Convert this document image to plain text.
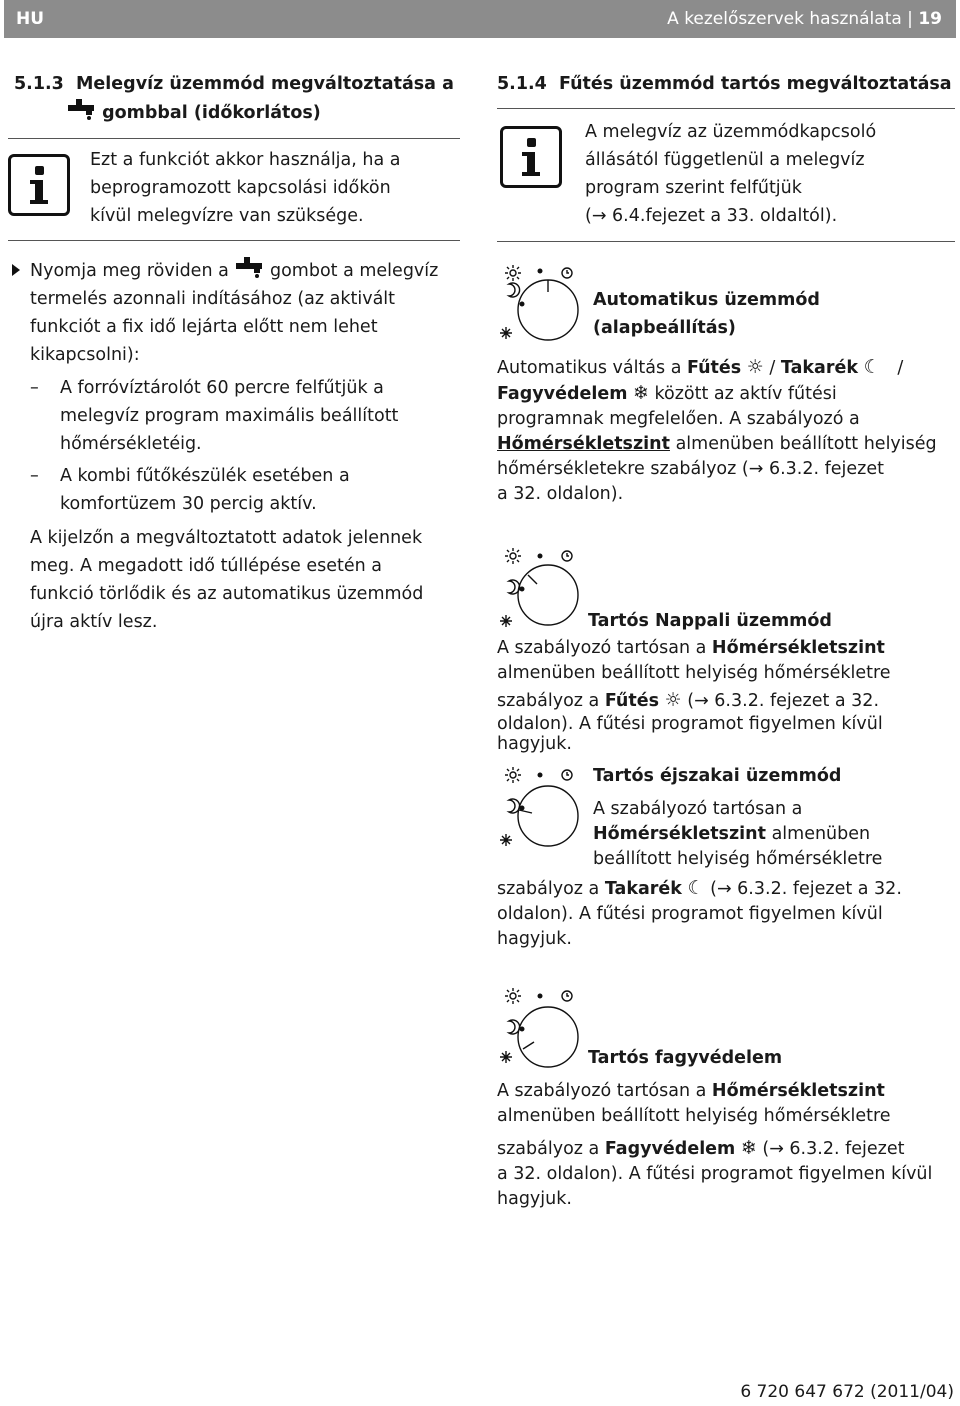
HU	A kezelőszervek használata | 19
5.1.3 Melegvíz üzemmód megváltoztatása a
gombbal (időkorlátos)
Ezt a funkciót akkor használja, ha a
beprogramozott kapcsolási időkön
kívül melegvízre van szüksége.
Nyomja meg röviden a gombot a melegvíz
termelés azonnali indításához (az aktivált
funkciót a fix idő lejárta előtt nem lehet
kikapcsolni):
– A forróvíztárolót 60 percre felfűtjük a
melegvíz program maximális beállított
hőmérsékletéig.
– A kombi fűtőkészülék esetében a
komfortüzem 30 percig aktív.
A kijelzőn a megváltoztatott adatok jelennek
meg. A megadott idő túllépése esetén a
funkció törlődik és az automatikus üzemmód
újra aktív lesz.
5.1.4 Fűtés üzemmód tartós megváltoztatása
A melegvíz az üzemmódkapcsoló
állásától függetlenül a melegvíz
program szerint felfűtjük
(→ 6.4.fejezet a 33. oldaltól).
Automatikus üzemmód
(alapbeállítás)
Automatikus váltás a Fűtés ☼ / Takarék ☾ /
Fagyvédelem ❄ között az aktív fűtési
programnak megfelelően. A szabályozó a
Hőmérsékletszint almenüben beállított helyiség
hőmérsékletekre szabályoz (→ 6.3.2. fejezet
a 32. oldalon).
Tartós Nappali üzemmód
A szabályozó tartósan a Hőmérsékletszint
almenüben beállított helyiség hőmérsékletre
szabályoz a Fűtés ☼ (→ 6.3.2. fejezet a 32.
oldalon). A fűtési programot figyelmen kívül
hagyjuk.
Tartós éjszakai üzemmód
A szabályozó tartósan a
Hőmérsékletszint almenüben
beállított helyiség hőmérsékletre
szabályoz a Takarék ☾ (→ 6.3.2. fejezet a 32.
oldalon). A fűtési programot figyelmen kívül
hagyjuk.
Tartós fagyvédelem
A szabályozó tartósan a Hőmérsékletszint
almenüben beállított helyiség hőmérsékletre
szabályoz a Fagyvédelem ❄ (→ 6.3.2. fejezet
a 32. oldalon). A fűtési programot figyelmen kívül
hagyjuk.
6 720 647 672 (2011/04)
